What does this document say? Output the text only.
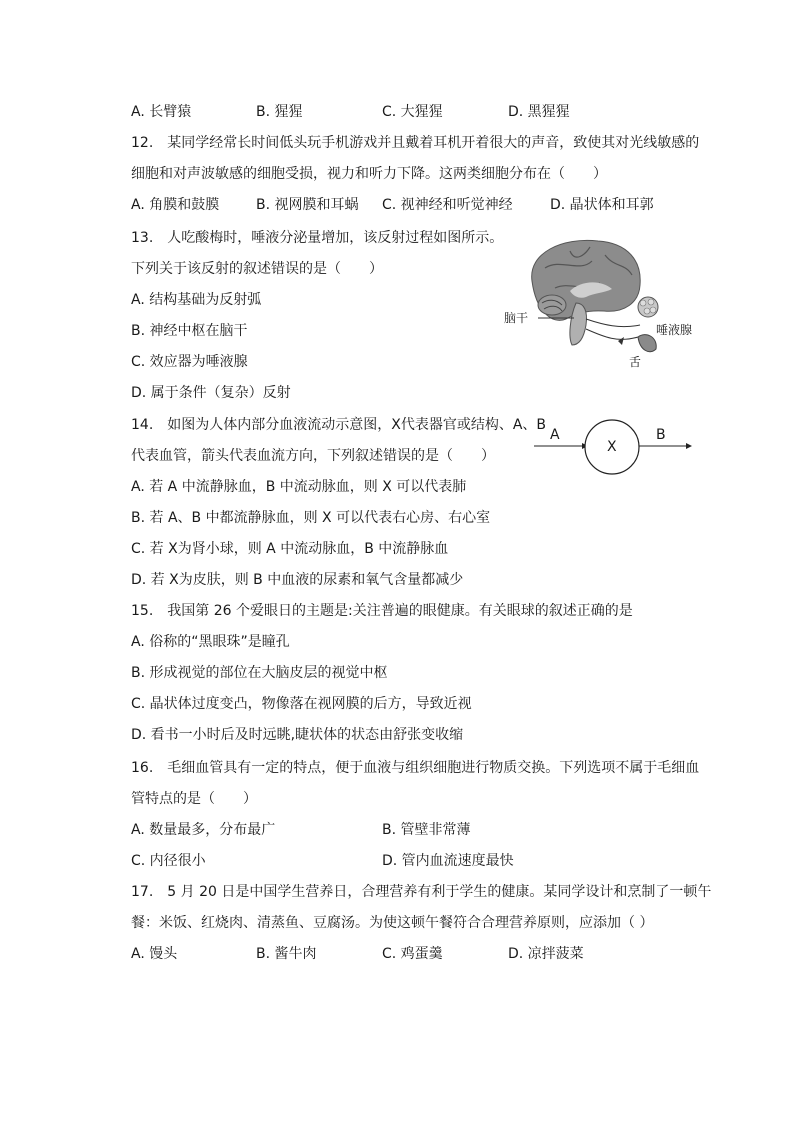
A. 长臂猿	B. 猩猩	C. 大猩猩	D. 黑猩猩
12.　某同学经常长时间低头玩手机游戏并且戴着耳机开着很大的声音，致使其对光线敏感的
细胞和对声波敏感的细胞受损，视力和听力下降。这两类细胞分布在（　　）
A. 角膜和鼓膜	B. 视网膜和耳蜗 C. 视神经和听觉神经	D. 晶状体和耳郭
13.　人吃酸梅时，唾液分泌量增加，该反射过程如图所示。
下列关于该反射的叙述错误的是（　　）
A. 结构基础为反射弧
B. 神经中枢在脑干
C. 效应器为唾液腺
D. 属于条件（复杂）反射
脑干
唾液腺
舌
14.　如图为人体内部分血液流动示意图，X代表器官或结构、A、B
代表血管，箭头代表血流方向，下列叙述错误的是（　　）
A. 若 A 中流静脉血，B 中流动脉血，则 X 可以代表肺
B. 若 A、B 中都流静脉血，则 X 可以代表右心房、右心室
C. 若 X为肾小球，则 A 中流动脉血，B 中流静脉血
D. 若 X为皮肤，则 B 中血液的尿素和氧气含量都减少
A
X
B
15.　我国第 26 个爱眼日的主题是:关注普遍的眼健康。有关眼球的叙述正确的是
A. 俗称的“黑眼珠”是瞳孔
B. 形成视觉的部位在大脑皮层的视觉中枢
C. 晶状体过度变凸，物像落在视网膜的后方，导致近视
D. 看书一小时后及时远眺,睫状体的状态由舒张变收缩
16.　毛细血管具有一定的特点，便于血液与组织细胞进行物质交换。下列选项不属于毛细血
管特点的是（　　）
A. 数量最多，分布最广	B. 管壁非常薄
C. 内径很小	D. 管内血流速度最快
17.　5 月 20 日是中国学生营养日，合理营养有利于学生的健康。某同学设计和烹制了一顿午
餐：米饭、红烧肉、清蒸鱼、豆腐汤。为使这顿午餐符合合理营养原则，应添加（ ）
A. 馒头	B. 酱牛肉	C. 鸡蛋羹	D. 凉拌菠菜
